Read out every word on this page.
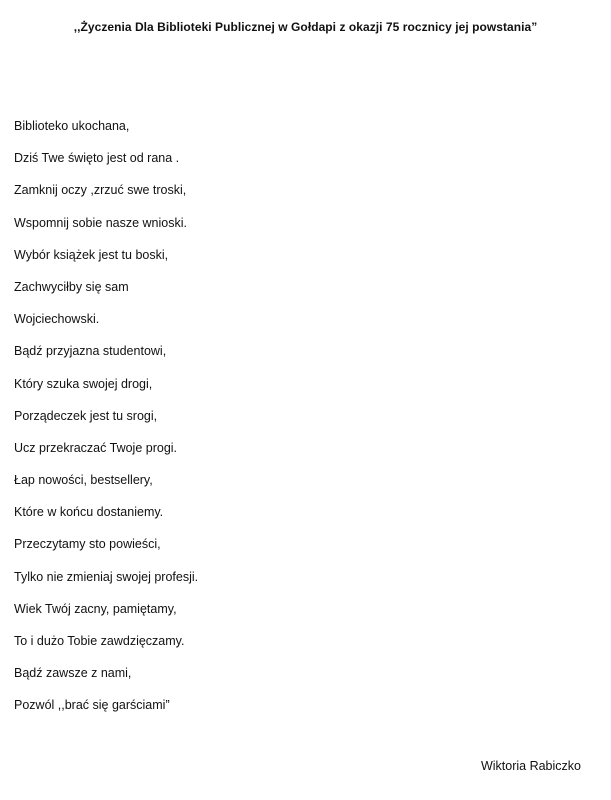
,,Życzenia Dla Biblioteki Publicznej w Gołdapi z okazji 75 rocznicy jej powstania”
Biblioteko ukochana,
Dziś Twe święto jest od rana .
Zamknij oczy ,zrzuć swe troski,
Wspomnij sobie nasze wnioski.
Wybór książek jest tu boski,
Zachwyciłby się sam
Wojciechowski.
Bądź przyjazna studentowi,
Który szuka swojej drogi,
Porządeczek jest tu srogi,
Ucz przekraczać Twoje progi.
Łap nowości, bestsellery,
Które w końcu dostaniemy.
Przeczytamy sto powieści,
Tylko nie zmieniaj swojej profesji.
Wiek Twój zacny, pamiętamy,
To i dużo Tobie zawdzięczamy.
Bądź zawsze z nami,
Pozwól ,,brać się garściami”
Wiktoria Rabiczko
